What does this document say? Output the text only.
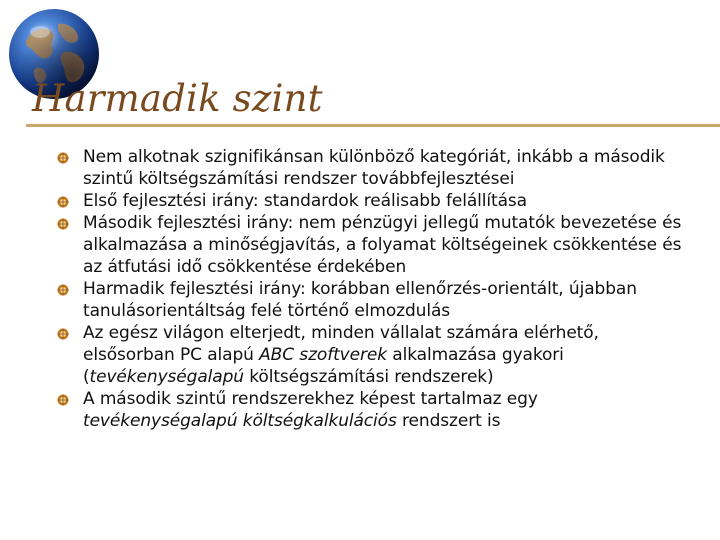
Harmadik szint
Nem alkotnak szignifikánsan különböző kategóriát, inkább a második szintű költségszámítási rendszer továbbfejlesztései
Első fejlesztési irány: standardok reálisabb felállítása
Második fejlesztési irány: nem pénzügyi jellegű mutatók bevezetése és alkalmazása a minőségjavítás, a folyamat költségeinek csökkentése és az átfutási idő csökkentése érdekében
Harmadik fejlesztési irány: korábban ellenőrzés-orientált, újabban tanulásorientáltság felé történő elmozdulás
Az egész világon elterjedt, minden vállalat számára elérhető, elsősorban PC alapú ABC szoftverek alkalmazása gyakori (tevékenységalapú költségszámítási rendszerek)
A második szintű rendszerekhez képest tartalmaz egy tevékenységalapú költségkalkulációs rendszert is
